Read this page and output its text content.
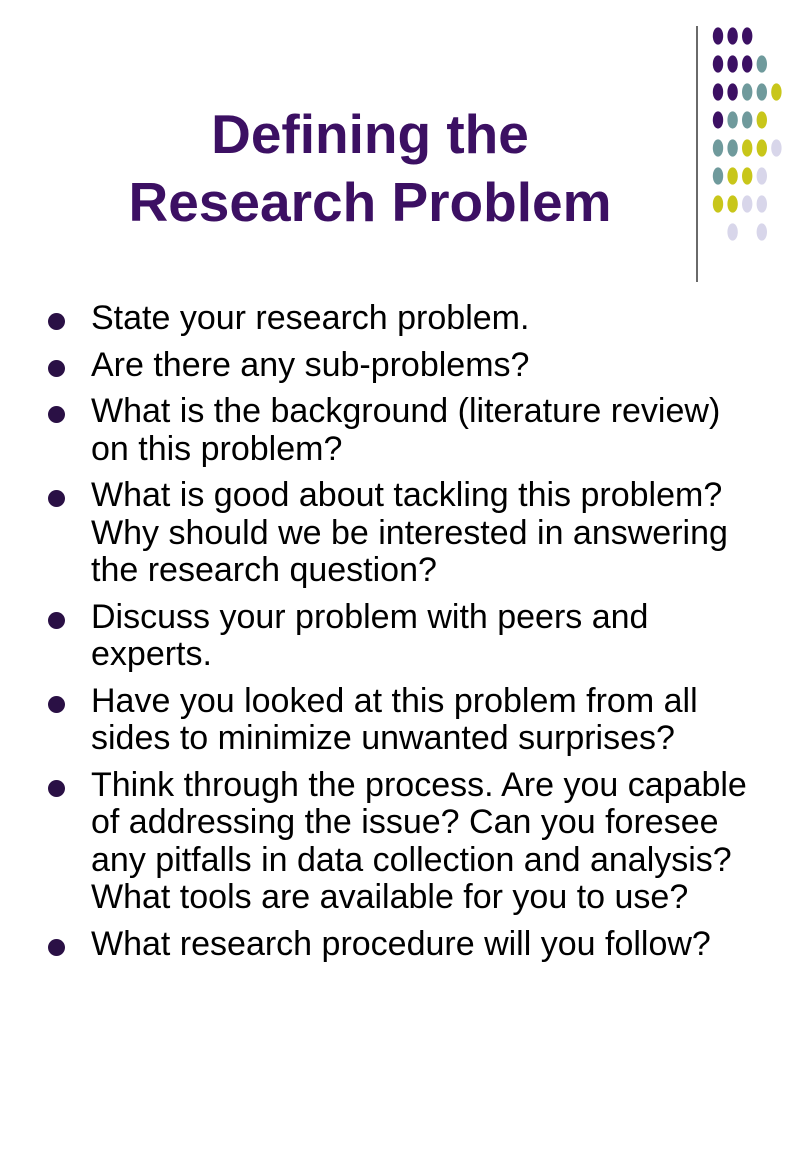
Defining the
Research Problem
State your research problem.
Are there any sub-problems?
What is the background (literature review) on this problem?
What is good about tackling this problem? Why should we be interested in answering the research question?
Discuss your problem with peers and experts.
Have you looked at this problem from all sides to minimize unwanted surprises?
Think through the process. Are you capable of addressing the issue? Can you foresee any pitfalls in data collection and analysis? What tools are available for you to use?
What research procedure will you follow?
